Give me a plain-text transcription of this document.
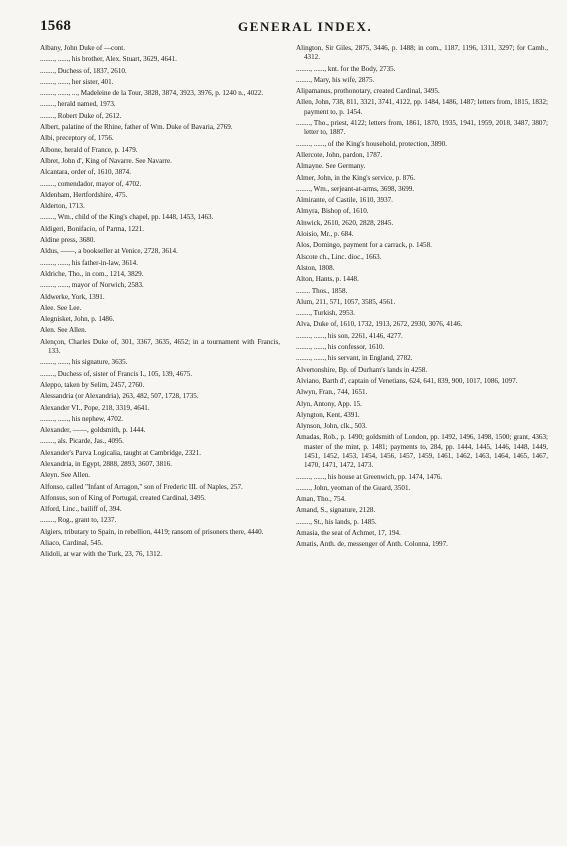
1568	GENERAL INDEX.
Albany, John Duke of —cont.
........, ......, his brother, Alex. Stuart, 3629, 4641.
........, Duchess of, 1837, 2610.
........, ......, her sister, 401.
........, ......, ..., Madeleine de la Tour, 3828, 3874, 3923, 3976, p. 1240 n., 4022.
........, herald named, 1973.
........, Robert Duke of, 2612.
Albert, palatine of the Rhine, father of Wm. Duke of Bavaria, 2769.
Albi, preceptory of, 1756.
Albone, herald of France, p. 1479.
Albret, John d', King of Navarre. See Navarre.
Alcantara, order of, 1610, 3874.
........, comendador, mayor of, 4702.
Aldenham, Hertfordshire, 475.
Alderton, 1713.
........, Wm., child of the King's chapel, pp. 1448, 1453, 1463.
Aldigeri, Bonifacio, of Parma, 1221.
Aldine press, 3680.
Aldus, ——, a bookseller at Venice, 2728, 3614.
........, ......, his father-in-law, 3614.
Aldriche, Tho., in com., 1214, 3829.
........, ......, mayor of Norwich, 2583.
Aldwerke, York, 1391.
Alee. See Lee.
Alegnisket, John, p. 1486.
Alen. See Allen.
Alençon, Charles Duke of, 301, 3367, 3635, 4652; in a tournament with Francis, 133.
........, ......, his signature, 3635.
........, Duchess of, sister of Francis I., 105, 139, 4675.
Aleppo, taken by Selim, 2457, 2760.
Alessandria (or Alexandria), 263, 482, 507, 1728, 1735.
Alexander VI., Pope, 218, 3319, 4641.
........, ......, his nephew, 4702.
Alexander, ——, goldsmith, p. 1444.
........, als. Picarde, Jas., 4095.
Alexander's Parva Logicalia, taught at Cambridge, 2321.
Alexandria, in Egypt, 2888, 2893, 3607, 3816.
Aleyn. See Allen.
Alfonso, called "Infant of Arragon," son of Frederic III. of Naples, 257.
Alfonsus, son of King of Portugal, created Cardinal, 3495.
Alford, Linc., bailiff of, 394.
........, Rog., grant to, 1237.
Algiers, tributary to Spain, in rebellion, 4419; ransom of prisoners there, 4440.
Aliaco, Cardinal, 545.
Alidoli, at war with the Turk, 23, 76, 1312.
Alington, Sir Giles, 2875, 3446, p. 1488; in com., 1187, 1196, 1311, 3297; for Camb., 4312.
........, ......, knt. for the Body, 2735.
........, Mary, his wife, 2875.
Alipamanus, prothonotary, created Cardinal, 3495.
Allen, John, 738, 811, 3321, 3741, 4122, pp. 1484, 1486, 1487; letters from, 1815, 1832; payment to, p. 1454.
........, Tho., priest, 4122; letters from, 1861, 1870, 1935, 1941, 1959, 2018, 3487, 3807; letter to, 1887.
........, ......, of the King's household, protection, 3890.
Allercote, John, pardon, 1787.
Almayne. See Germany.
Almer, John, in the King's service, p. 876.
........, Wm., serjeant-at-arms, 3698, 3699.
Almirante, of Castile, 1610, 3937.
Almyra, Bishop of, 1610.
Alnwick, 2610, 2620, 2828, 2845.
Aloisio, Mr., p. 684.
Alos, Domingo, payment for a carrack, p. 1458.
Alscote ch., Linc. dioc., 1663.
Alston, 1808.
Alton, Hants, p. 1448.
........ Thos., 1858.
Alum, 211, 571, 1057, 3585, 4561.
........, Turkish, 2953.
Alva, Duke of, 1610, 1732, 1913, 2672, 2930, 3076, 4146.
........, ......, his son, 2261, 4146, 4277.
........, ......, his confessor, 1610.
........, ......, his servant, in England, 2782.
Alvertonshire, Bp. of Durham's lands in 4258.
Alviano, Barth d', captain of Venetians, 624, 641, 839, 900, 1017, 1086, 1097.
Alwyn, Fran., 744, 1651.
Alyn, Antony, App. 15.
Alyngton, Kent, 4391.
Alynson, John, clk., 503.
Amadas, Rob., p. 1490; goldsmith of London, pp. 1492, 1496, 1498, 1500; grant, 4363; master of the mint, p. 1481; payments to, 284, pp. 1444, 1445, 1446, 1448, 1449, 1451, 1452, 1453, 1454, 1456, 1457, 1459, 1461, 1462, 1463, 1464, 1465, 1467, 1470, 1471, 1472, 1473.
........, ......, his house at Greenwich, pp. 1474, 1476.
........, John, yeoman of the Guard, 3501.
Aman, Tho., 754.
Amand, S., signature, 2128.
........, St., his lands, p. 1485.
Amasia, the seat of Achmet, 17, 194.
Amatis, Anth. de, messenger of Anth. Colonna, 1997.
